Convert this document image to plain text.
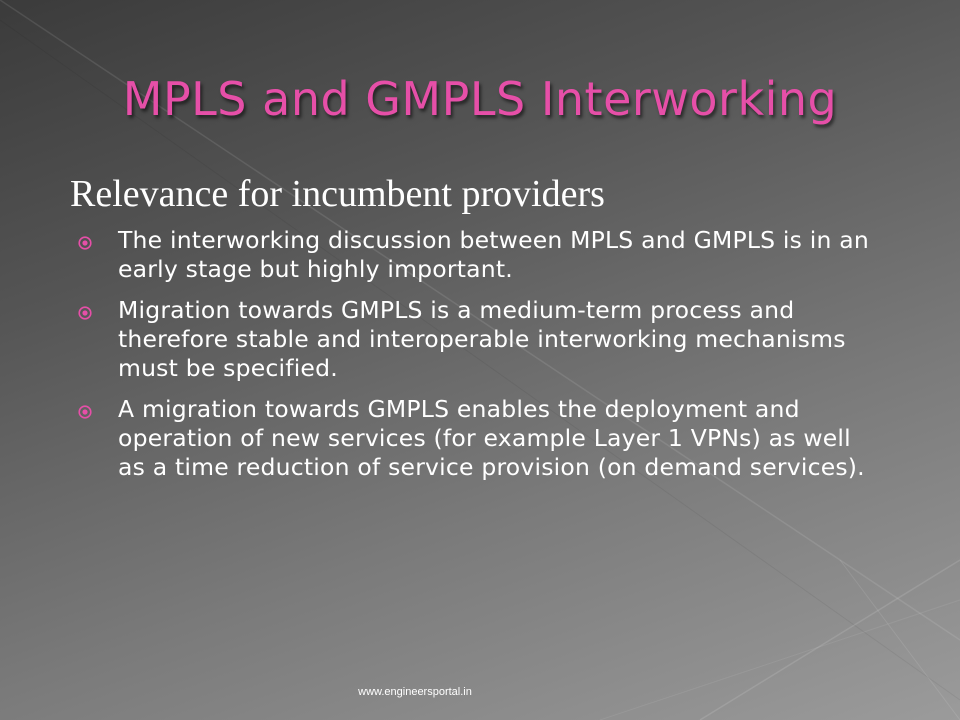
MPLS and GMPLS Interworking
Relevance for incumbent providers
The interworking discussion between MPLS and GMPLS is in an early stage but highly important.
Migration towards GMPLS is a medium-term process and therefore stable and interoperable interworking mechanisms must be specified.
A migration towards GMPLS enables the deployment and operation of new services (for example Layer 1 VPNs) as well as a time reduction of service provision (on demand services).
www.engineersportal.in
